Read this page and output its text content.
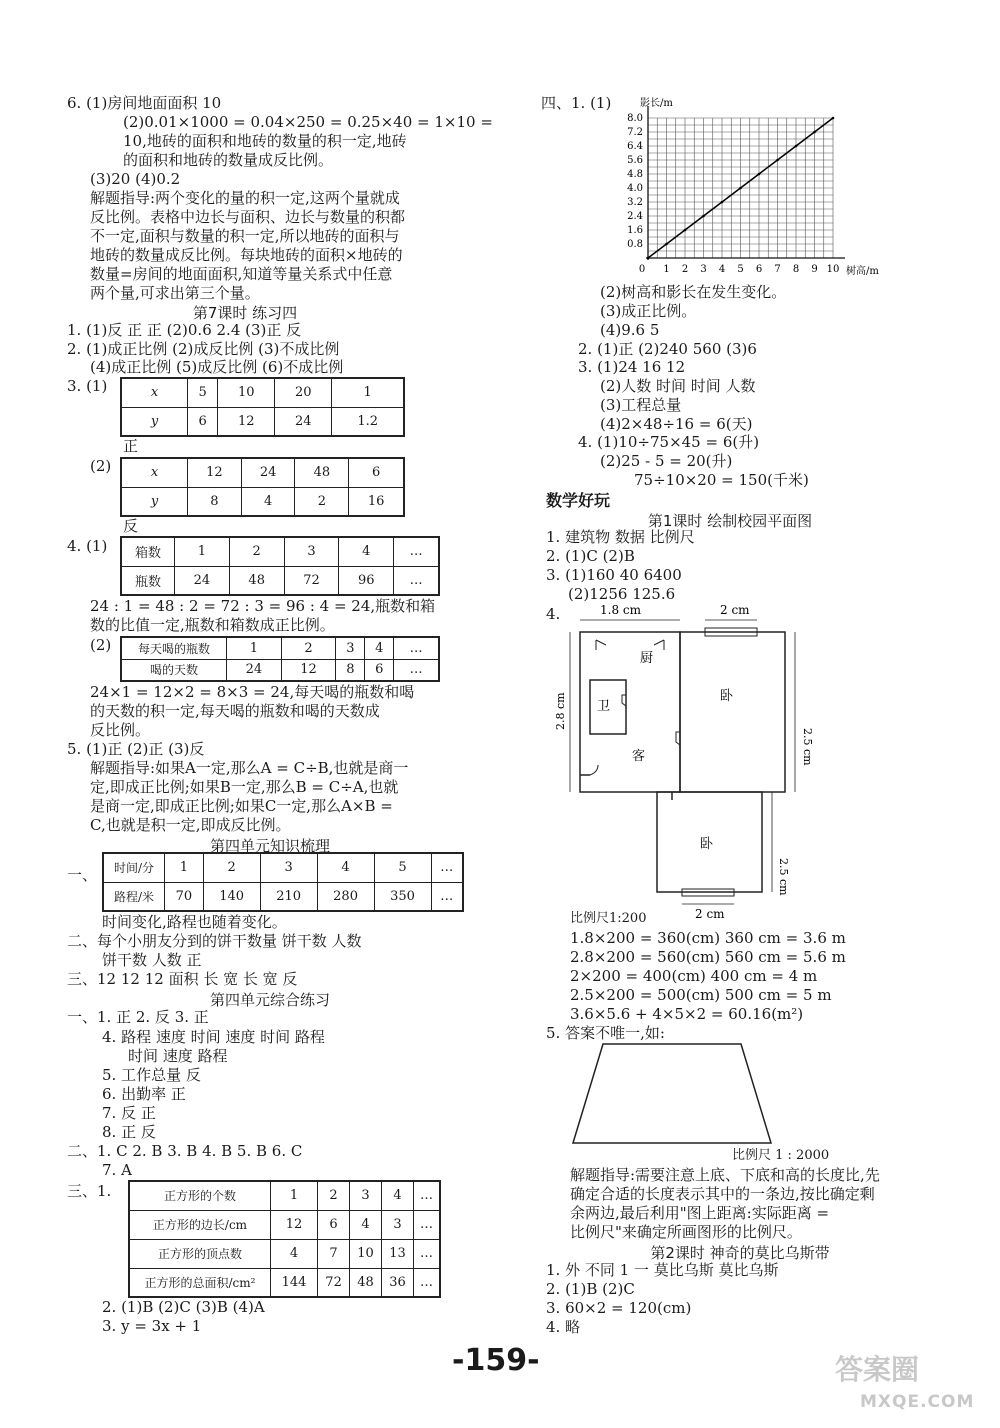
6. (1)房间地面面积 10
(2)0.01×1000 = 0.04×250 = 0.25×40 = 1×10 =
10,地砖的面积和地砖的数量的积一定,地砖
的面积和地砖的数量成反比例。
(3)20 (4)0.2
解题指导:两个变化的量的积一定,这两个量就成
反比例。表格中边长与面积、边长与数量的积都
不一定,面积与数量的积一定,所以地砖的面积与
地砖的数量成反比例。每块地砖的面积×地砖的
数量=房间的地面面积,知道等量关系式中任意
两个量,可求出第三个量。
第7课时 练习四
1. (1)反 正 正 (2)0.6 2.4 (3)正 反
2. (1)成正比例 (2)成反比例 (3)不成比例
(4)成正比例 (5)成反比例 (6)不成比例
3. (1)	x	5	10	20	1
y	6	12	24	1.2
正
(2)	x	12	24	48	6
y	8	4	2	16
反
4. (1) 箱数	1	2	3	4	…
瓶数	24	48	72	96	…
24 : 1 = 48 : 2 = 72 : 3 = 96 : 4 = 24,瓶数和箱
数的比值一定,瓶数和箱数成正比例。
(2) 每天喝的瓶数	1	2	3	4	…
喝的天数	24	12	8	6	…
24×1 = 12×2 = 8×3 = 24,每天喝的瓶数和喝
的天数的积一定,每天喝的瓶数和喝的天数成
反比例。
5. (1)正 (2)正 (3)反
解题指导:如果A一定,那么A = C÷B,也就是商一
定,即成正比例;如果B一定,那么B = C÷A,也就
是商一定,即成正比例;如果C一定,那么A×B =
C,也就是积一定,即成反比例。
第四单元知识梳理
一、 时间/分	1	2	3	4	5	…
路程/米	70	140	210	280	350	…
时间变化,路程也随着变化。
二、每个小朋友分到的饼干数量 饼干数 人数
饼干数 人数 正
三、12 12 12 面积 长 宽 长 宽 反
第四单元综合练习
一、1. 正 2. 反 3. 正
4. 路程 速度 时间 速度 时间 路程
时间 速度 路程
5. 工作总量 反
6. 出勤率 正
7. 反 正
8. 正 反
二、1. C 2. B 3. B 4. B 5. B 6. C
7. A
三、1.	正方形的个数	1	2	3	4	…
正方形的边长/cm	12	6	4	3	…
正方形的顶点数	4	7	10	13	…
正方形的总面积/cm²	144	72	48	36	…
2. (1)B (2)C (3)B (4)A
3. y = 3x + 1
四、1. (1)
0.8
1.6
2.4
3.2
4.0
4.8
5.6
6.4
7.2
8.0
0 1 2 3 4 5 6 7 8 9 10
影长/m
树高/m
(2)树高和影长在发生变化。
(3)成正比例。
(4)9.6 5
2. (1)正 (2)240 560 (3)6
3. (1)24 16 12
(2)人数 时间 时间 人数
(3)工程总量
(4)2×48÷16 = 6(天)
4. (1)10÷75×45 = 6(升)
(2)25 - 5 = 20(升)
75÷10×20 = 150(千米)
数学好玩
第1课时 绘制校园平面图
1. 建筑物 数据 比例尺
2. (1)C (2)B
3. (1)160 40 6400
(2)1256 125.6
4.	1.8 cm	2 cm
厨
卫
客
卧
卧
2.8 cm
2.5 cm
2.5 cm
2 cm
比例尺1:200
1.8×200 = 360(cm) 360 cm = 3.6 m
2.8×200 = 560(cm) 560 cm = 5.6 m
2×200 = 400(cm) 400 cm = 4 m
2.5×200 = 500(cm) 500 cm = 5 m
3.6×5.6 + 4×5×2 = 60.16(m²)
5. 答案不唯一,如:
比例尺 1 : 2000
解题指导:需要注意上底、下底和高的长度比,先
确定合适的长度表示其中的一条边,按比确定剩
余两边,最后利用"图上距离:实际距离 =
比例尺"来确定所画图形的比例尺。
第2课时 神奇的莫比乌斯带
1. 外 不同 1 一 莫比乌斯 莫比乌斯
2. (1)B (2)C
3. 60×2 = 120(cm)
4. 略
-159-	答案圈
MXQE.COM
